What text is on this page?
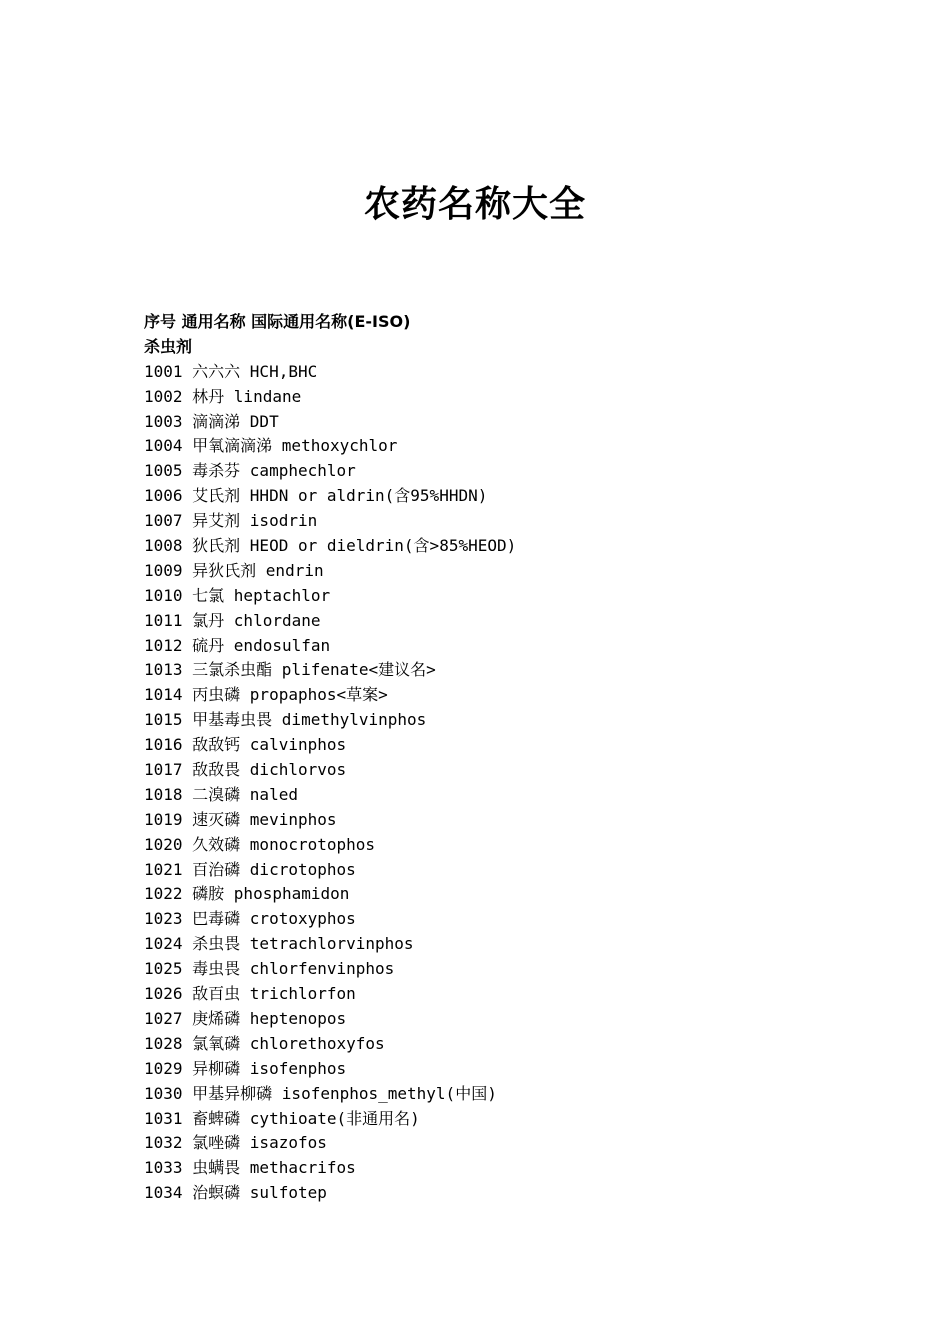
农药名称大全
序号 通用名称 国际通用名称(E-ISO)
杀虫剂
1001 六六六 HCH,BHC
1002 林丹 lindane
1003 滴滴涕 DDT
1004 甲氧滴滴涕 methoxychlor
1005 毒杀芬 camphechlor
1006 艾氏剂 HHDN or aldrin(含95%HHDN)
1007 异艾剂 isodrin
1008 狄氏剂 HEOD or dieldrin(含>85%HEOD)
1009 异狄氏剂 endrin
1010 七氯 heptachlor
1011 氯丹 chlordane
1012 硫丹 endosulfan
1013 三氯杀虫酯 plifenate<建议名>
1014 丙虫磷 propaphos<草案>
1015 甲基毒虫畏 dimethylvinphos
1016 敌敌钙 calvinphos
1017 敌敌畏 dichlorvos
1018 二溴磷 naled
1019 速灭磷 mevinphos
1020 久效磷 monocrotophos
1021 百治磷 dicrotophos
1022 磷胺 phosphamidon
1023 巴毒磷 crotoxyphos
1024 杀虫畏 tetrachlorvinphos
1025 毒虫畏 chlorfenvinphos
1026 敌百虫 trichlorfon
1027 庚烯磷 heptenopos
1028 氯氧磷 chlorethoxyfos
1029 异柳磷 isofenphos
1030 甲基异柳磷 isofenphos_methyl(中国)
1031 畜蜱磷 cythioate(非通用名)
1032 氯唑磷 isazofos
1033 虫螨畏 methacrifos
1034 治螟磷 sulfotep
